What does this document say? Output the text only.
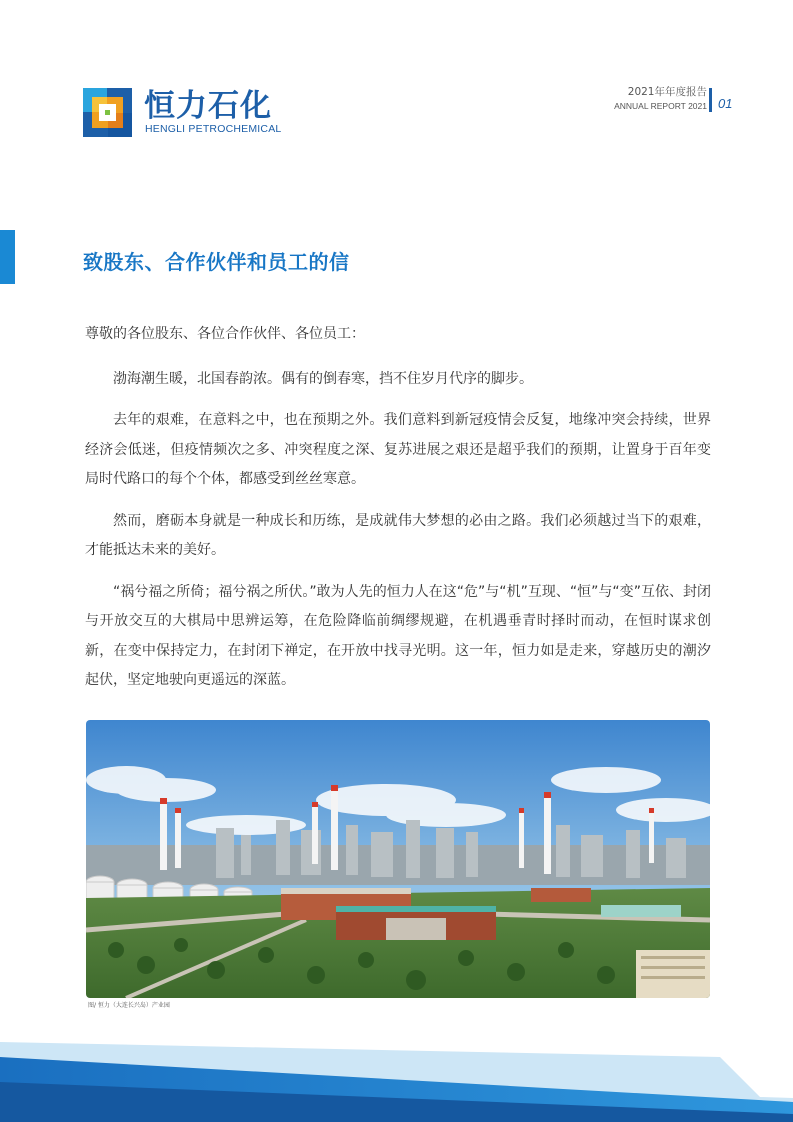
恒力石化
HENGLI PETROCHEMICAL
2021年年度报告
ANNUAL REPORT 2021 01
致股东、合作伙伴和员工的信

尊敬的各位股东、各位合作伙伴、各位员工：

渤海潮生暖，北国春韵浓。偶有的倒春寒，挡不住岁月代序的脚步。

去年的艰难，在意料之中，也在预期之外。我们意料到新冠疫情会反复，地缘冲突会持续，世界经济会低迷，但疫情频次之多、冲突程度之深、复苏进展之艰还是超乎我们的预期，让置身于百年变局时代路口的每个个体，都感受到丝丝寒意。

然而，磨砺本身就是一种成长和历练，是成就伟大梦想的必由之路。我们必须越过当下的艰难，才能抵达未来的美好。

“祸兮福之所倚；福兮祸之所伏。”敢为人先的恒力人在这“危”与“机”互现、“恒”与“变”互依、封闭与开放交互的大棋局中思辨运筹，在危险降临前绸缪规避，在机遇垂青时择时而动，在恒时谋求创新，在变中保持定力，在封闭下禅定，在开放中找寻光明。这一年，恒力如是走来，穿越历史的潮汐起伏，坚定地驶向更遥远的深蓝。

图/ 恒力（大连长兴岛）产业园
